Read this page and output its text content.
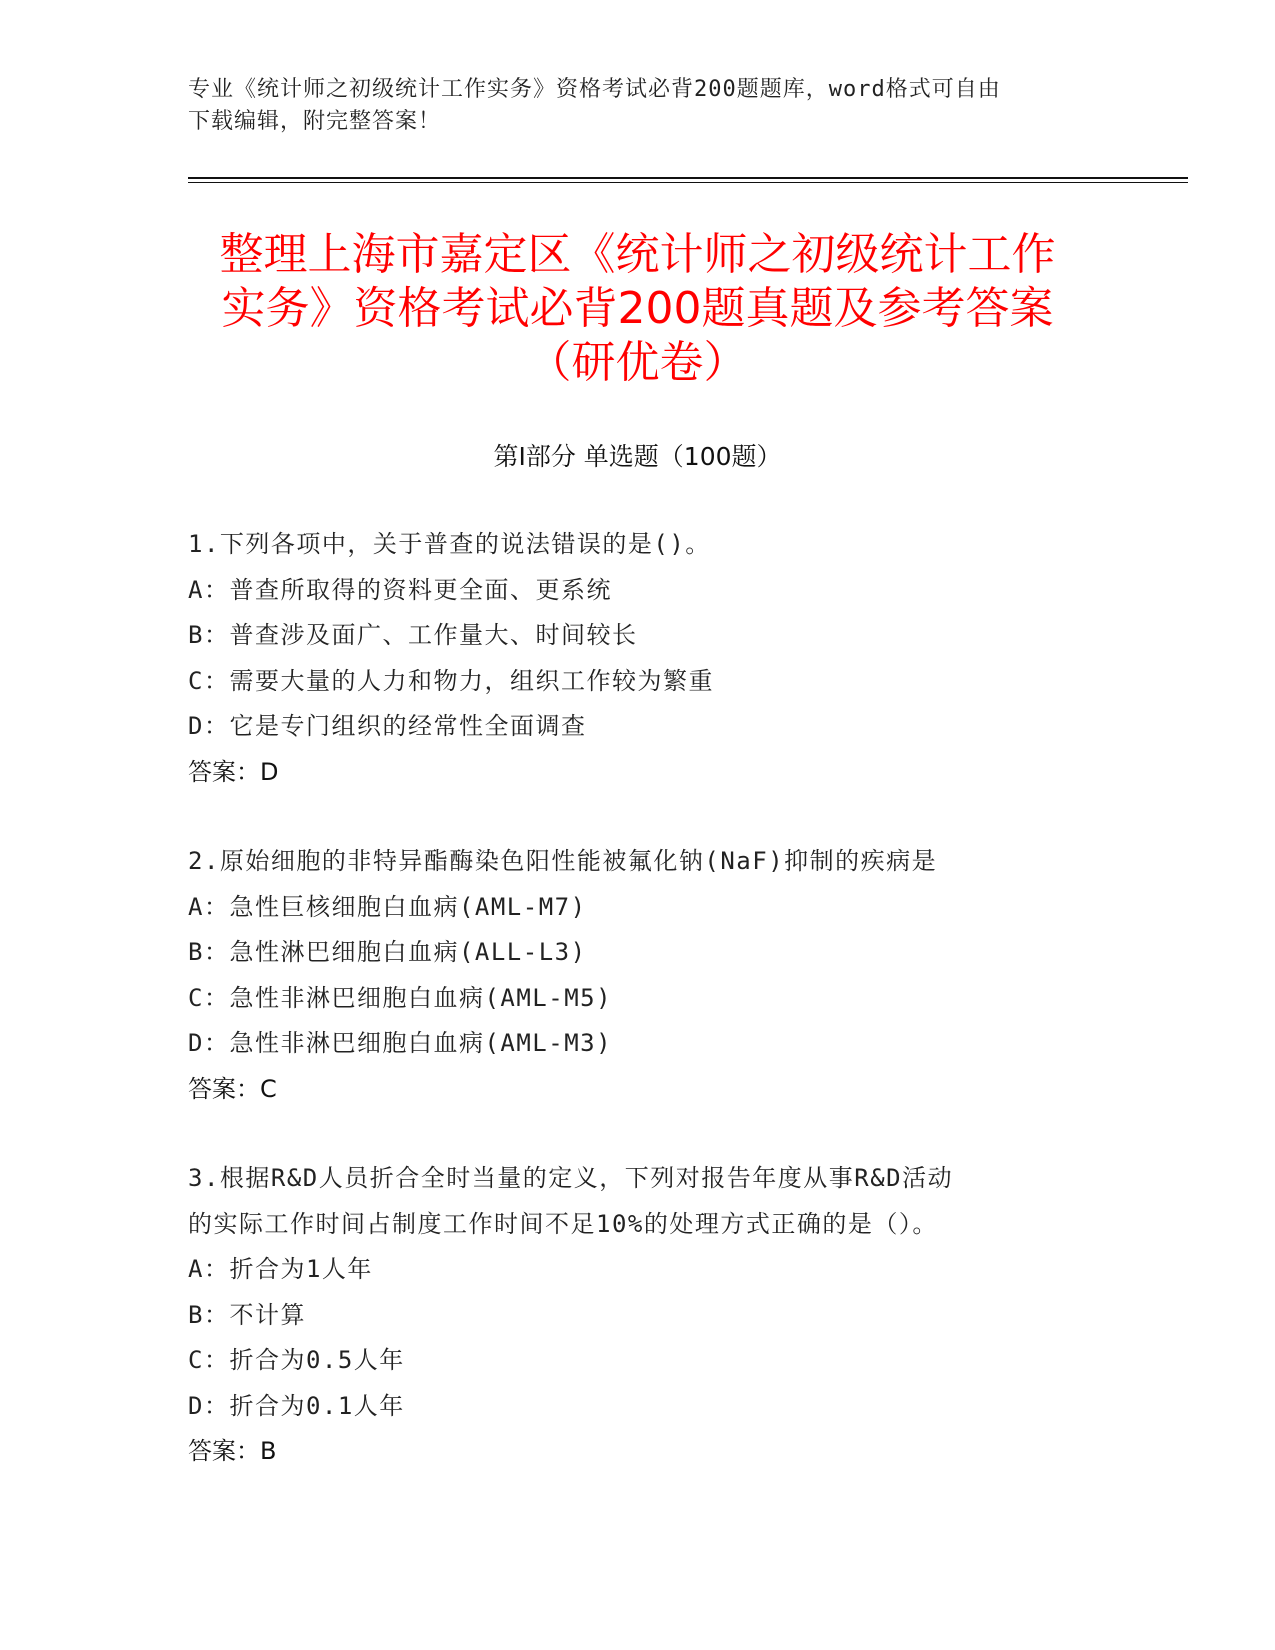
专业《统计师之初级统计工作实务》资格考试必背200题题库，word格式可自由
下载编辑，附完整答案！
整理上海市嘉定区《统计师之初级统计工作
实务》资格考试必背200题真题及参考答案
（研优卷）
第Ⅰ部分 单选题（100题）

1.下列各项中，关于普查的说法错误的是()。

A：普查所取得的资料更全面、更系统

B：普查涉及面广、工作量大、时间较长

C：需要大量的人力和物力，组织工作较为繁重

D：它是专门组织的经常性全面调查

答案：D

2.原始细胞的非特异酯酶染色阳性能被氟化钠(NaF)抑制的疾病是

A：急性巨核细胞白血病(AML-M7)

B：急性淋巴细胞白血病(ALL-L3)

C：急性非淋巴细胞白血病(AML-M5)

D：急性非淋巴细胞白血病(AML-M3)

答案：C

3.根据R&D人员折合全时当量的定义，下列对报告年度从事R&D活动

的实际工作时间占制度工作时间不足10%的处理方式正确的是（）。

A：折合为1人年

B：不计算

C：折合为0.5人年

D：折合为0.1人年

答案：B
